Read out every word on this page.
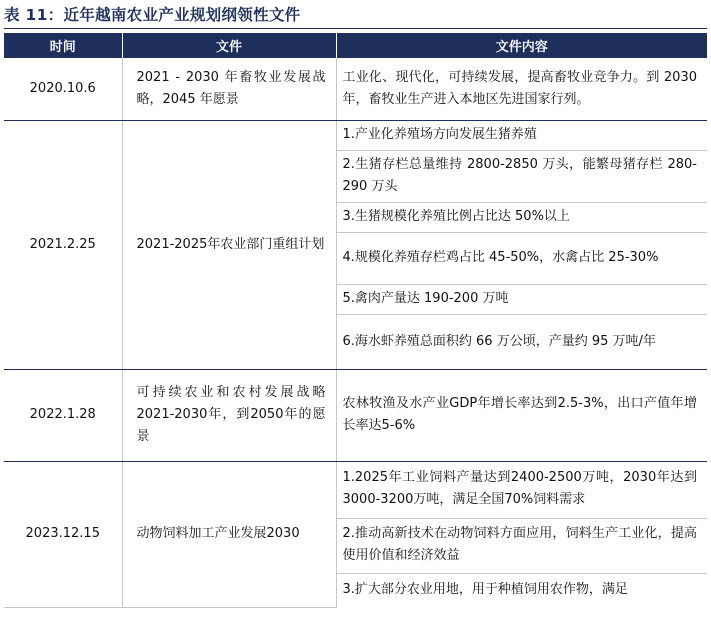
表 11：近年越南农业产业规划纲领性文件
时间	文件	文件内容
2020.10.6	2021 - 2030 年畜牧业发展战略，2045 年愿景	工业化、现代化，可持续发展，提高畜牧业竞争力。到 2030 年，畜牧业生产进入本地区先进国家行列。
2021.2.25	2021-2025年农业部门重组计划	1.产业化养殖场方向发展生猪养殖
		2.生猪存栏总量维持 2800-2850 万头，能繁母猪存栏 280-290 万头
		3.生猪规模化养殖比例占比达 50%以上
		4.规模化养殖存栏鸡占比 45-50%，水禽占比 25-30%
		5.禽肉产量达 190-200 万吨
		6.海水虾养殖总面积约 66 万公顷，产量约 95 万吨/年
2022.1.28	可持续农业和农村发展战略 2021-2030年，到2050年的愿景	农林牧渔及水产业GDP年增长率达到2.5-3%，出口产值年增长率达5-6%
2023.12.15	动物饲料加工产业发展2030	1.2025年工业饲料产量达到2400-2500万吨，2030年达到3000-3200万吨，满足全国70%饲料需求
		2.推动高新技术在动物饲料方面应用，饲料生产工业化，提高使用价值和经济效益
		3.扩大部分农业用地，用于种植饲用农作物，满足
